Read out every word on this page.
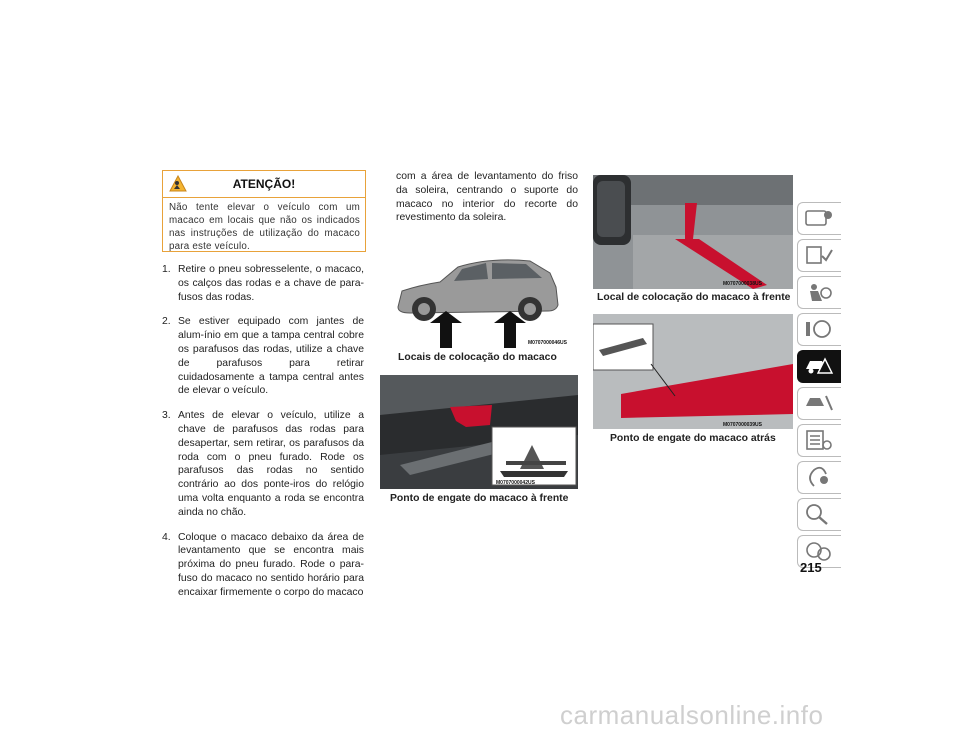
ATENÇÃO!
Não tente elevar o veículo com um macaco em locais que não os indicados nas instruções de utilização do macaco para este veículo.
1. Retire o pneu sobresselente, o macaco, os calços das rodas e a chave de para-fusos das rodas.
2. Se estiver equipado com jantes de alum-ínio em que a tampa central cobre os parafusos das rodas, utilize a chave de parafusos para retirar cuidadosamente a tampa central antes de elevar o veículo.
3. Antes de elevar o veículo, utilize a chave de parafusos das rodas para desapertar, sem retirar, os parafusos da roda com o pneu furado. Rode os parafusos das rodas no sentido contrário ao dos ponte-iros do relógio uma volta enquanto a roda se encontra ainda no chão.
4. Coloque o macaco debaixo da área de levantamento que se encontra mais próxima do pneu furado. Rode o para-fuso do macaco no sentido horário para encaixar firmemente o corpo do macaco
com a área de levantamento do friso da soleira, centrando o suporte do macaco no interior do recorte do revestimento da soleira.
M0707000046US
Locais de colocação do macaco
M0707000042US
Ponto de engate do macaco à frente
M0707000038US
Local de colocação do macaco à frente
M0707000039US
Ponto de engate do macaco atrás
215
carmanualsonline.info
